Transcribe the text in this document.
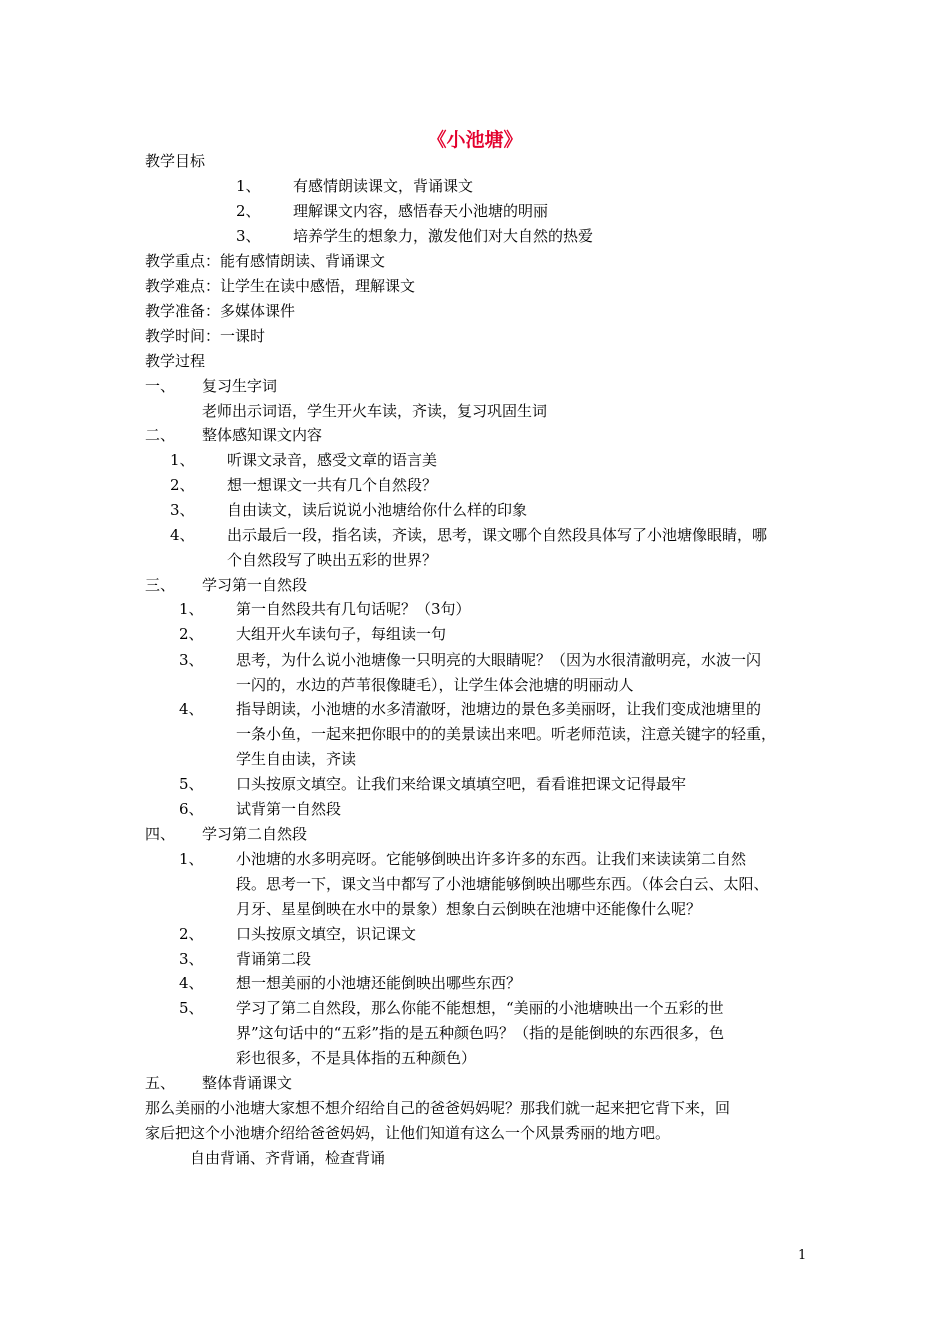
《小池塘》
教学目标
1、 有感情朗读课文，背诵课文
2、 理解课文内容，感悟春天小池塘的明丽
3、 培养学生的想象力，激发他们对大自然的热爱
教学重点：能有感情朗读、背诵课文
教学难点：让学生在读中感悟，理解课文
教学准备：多媒体课件
教学时间：一课时
教学过程
一、 复习生字词
老师出示词语，学生开火车读，齐读，复习巩固生词
二、 整体感知课文内容
1、 听课文录音，感受文章的语言美
2、 想一想课文一共有几个自然段？
3、 自由读文，读后说说小池塘给你什么样的印象
4、 出示最后一段，指名读，齐读，思考，课文哪个自然段具体写了小池塘像眼睛，哪
个自然段写了映出五彩的世界？
三、 学习第一自然段
1、 第一自然段共有几句话呢？（3句）
2、 大组开火车读句子，每组读一句
3、 思考，为什么说小池塘像一只明亮的大眼睛呢？（因为水很清澈明亮，水波一闪
一闪的，水边的芦苇很像睫毛），让学生体会池塘的明丽动人
4、 指导朗读，小池塘的水多清澈呀，池塘边的景色多美丽呀，让我们变成池塘里的
一条小鱼，一起来把你眼中的的美景读出来吧。听老师范读，注意关键字的轻重，
学生自由读，齐读
5、 口头按原文填空。让我们来给课文填填空吧，看看谁把课文记得最牢
6、 试背第一自然段
四、 学习第二自然段
1、 小池塘的水多明亮呀。它能够倒映出许多许多的东西。让我们来读读第二自然
段。思考一下，课文当中都写了小池塘能够倒映出哪些东西。（体会白云、太阳、
月牙、星星倒映在水中的景象）想象白云倒映在池塘中还能像什么呢？
2、 口头按原文填空，识记课文
3、 背诵第二段
4、 想一想美丽的小池塘还能倒映出哪些东西？
5、 学习了第二自然段，那么你能不能想想，“美丽的小池塘映出一个五彩的世
界”这句话中的“五彩”指的是五种颜色吗？（指的是能倒映的东西很多，色
彩也很多，不是具体指的五种颜色）
五、 整体背诵课文
那么美丽的小池塘大家想不想介绍给自己的爸爸妈妈呢？那我们就一起来把它背下来，回
家后把这个小池塘介绍给爸爸妈妈，让他们知道有这么一个风景秀丽的地方吧。
自由背诵、齐背诵，检查背诵
1
